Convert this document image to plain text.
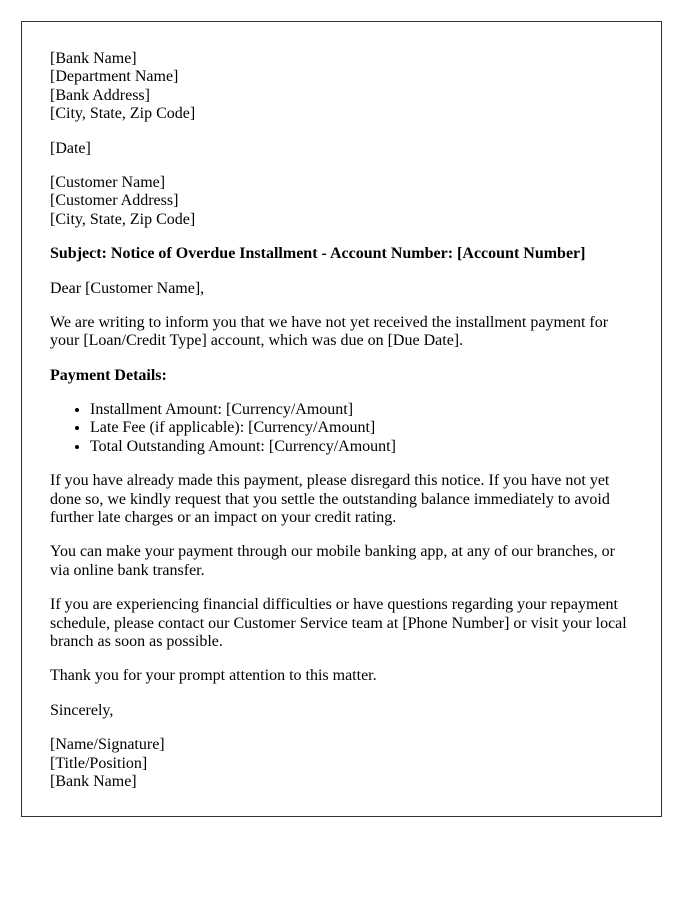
[Bank Name]
[Department Name]
[Bank Address]
[City, State, Zip Code]

[Date]

[Customer Name]
[Customer Address]
[City, State, Zip Code]

Subject: Notice of Overdue Installment - Account Number: [Account Number]

Dear [Customer Name],

We are writing to inform you that we have not yet received the installment payment for your [Loan/Credit Type] account, which was due on [Due Date].

Payment Details:

• Installment Amount: [Currency/Amount]
• Late Fee (if applicable): [Currency/Amount]
• Total Outstanding Amount: [Currency/Amount]

If you have already made this payment, please disregard this notice. If you have not yet done so, we kindly request that you settle the outstanding balance immediately to avoid further late charges or an impact on your credit rating.

You can make your payment through our mobile banking app, at any of our branches, or via online bank transfer.

If you are experiencing financial difficulties or have questions regarding your repayment schedule, please contact our Customer Service team at [Phone Number] or visit your local branch as soon as possible.

Thank you for your prompt attention to this matter.

Sincerely,

[Name/Signature]
[Title/Position]
[Bank Name]
